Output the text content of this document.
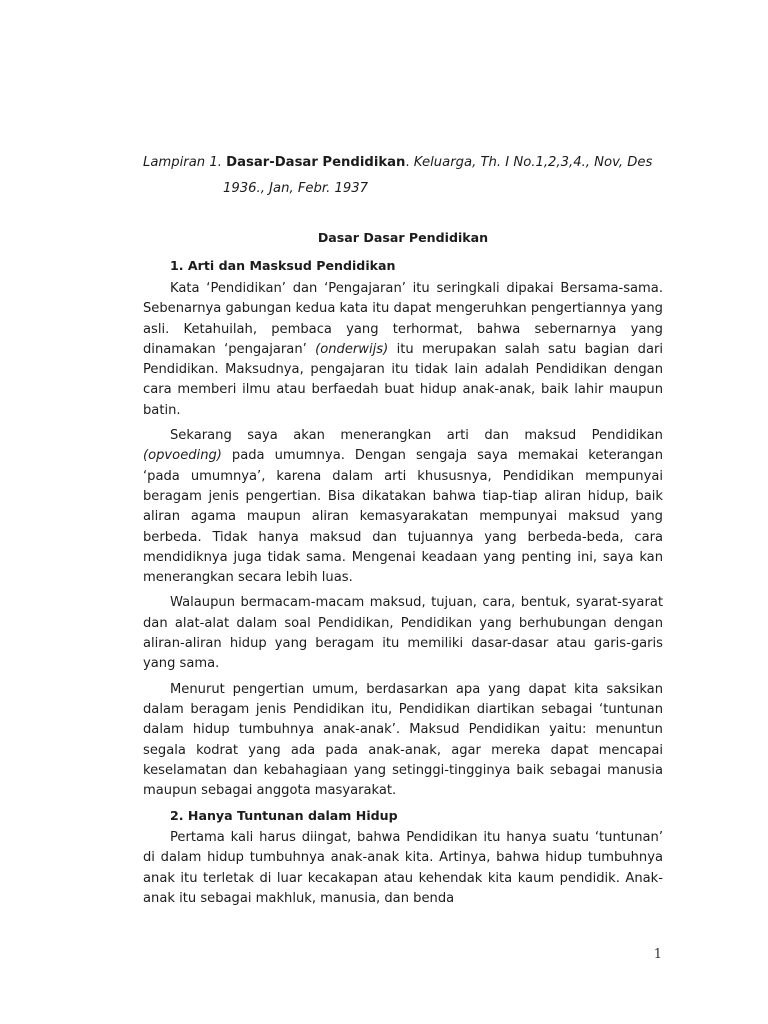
Lampiran 1. Dasar-Dasar Pendidikan. Keluarga, Th. I No.1,2,3,4., Nov, Des
1936., Jan, Febr. 1937
Dasar Dasar Pendidikan
1. Arti dan Masksud Pendidikan

Kata ‘Pendidikan’ dan ‘Pengajaran’ itu seringkali dipakai Bersama-sama. Sebenarnya gabungan kedua kata itu dapat mengeruhkan pengertiannya yang asli. Ketahuilah, pembaca yang terhormat, bahwa sebernarnya yang dinamakan ‘pengajaran’ (onderwijs) itu merupakan salah satu bagian dari Pendidikan. Maksudnya, pengajaran itu tidak lain adalah Pendidikan dengan cara memberi ilmu atau berfaedah buat hidup anak-anak, baik lahir maupun batin.

Sekarang saya akan menerangkan arti dan maksud Pendidikan (opvoeding) pada umumnya. Dengan sengaja saya memakai keterangan ‘pada umumnya’, karena dalam arti khususnya, Pendidikan mempunyai beragam jenis pengertian. Bisa dikatakan bahwa tiap-tiap aliran hidup, baik aliran agama maupun aliran kemasyarakatan mempunyai maksud yang berbeda. Tidak hanya maksud dan tujuannya yang berbeda-beda, cara mendidiknya juga tidak sama. Mengenai keadaan yang penting ini, saya kan menerangkan secara lebih luas.

Walaupun bermacam-macam maksud, tujuan, cara, bentuk, syarat-syarat dan alat-alat dalam soal Pendidikan, Pendidikan yang berhubungan dengan aliran-aliran hidup yang beragam itu memiliki dasar-dasar atau garis-garis yang sama.

Menurut pengertian umum, berdasarkan apa yang dapat kita saksikan dalam beragam jenis Pendidikan itu, Pendidikan diartikan sebagai ‘tuntunan dalam hidup tumbuhnya anak-anak’. Maksud Pendidikan yaitu: menuntun segala kodrat yang ada pada anak-anak, agar mereka dapat mencapai keselamatan dan kebahagiaan yang setinggi-tingginya baik sebagai manusia maupun sebagai anggota masyarakat.

2. Hanya Tuntunan dalam Hidup

Pertama kali harus diingat, bahwa Pendidikan itu hanya suatu ‘tuntunan’ di dalam hidup tumbuhnya anak-anak kita. Artinya, bahwa hidup tumbuhnya anak itu terletak di luar kecakapan atau kehendak kita kaum pendidik. Anak-anak itu sebagai makhluk, manusia, dan benda

1
